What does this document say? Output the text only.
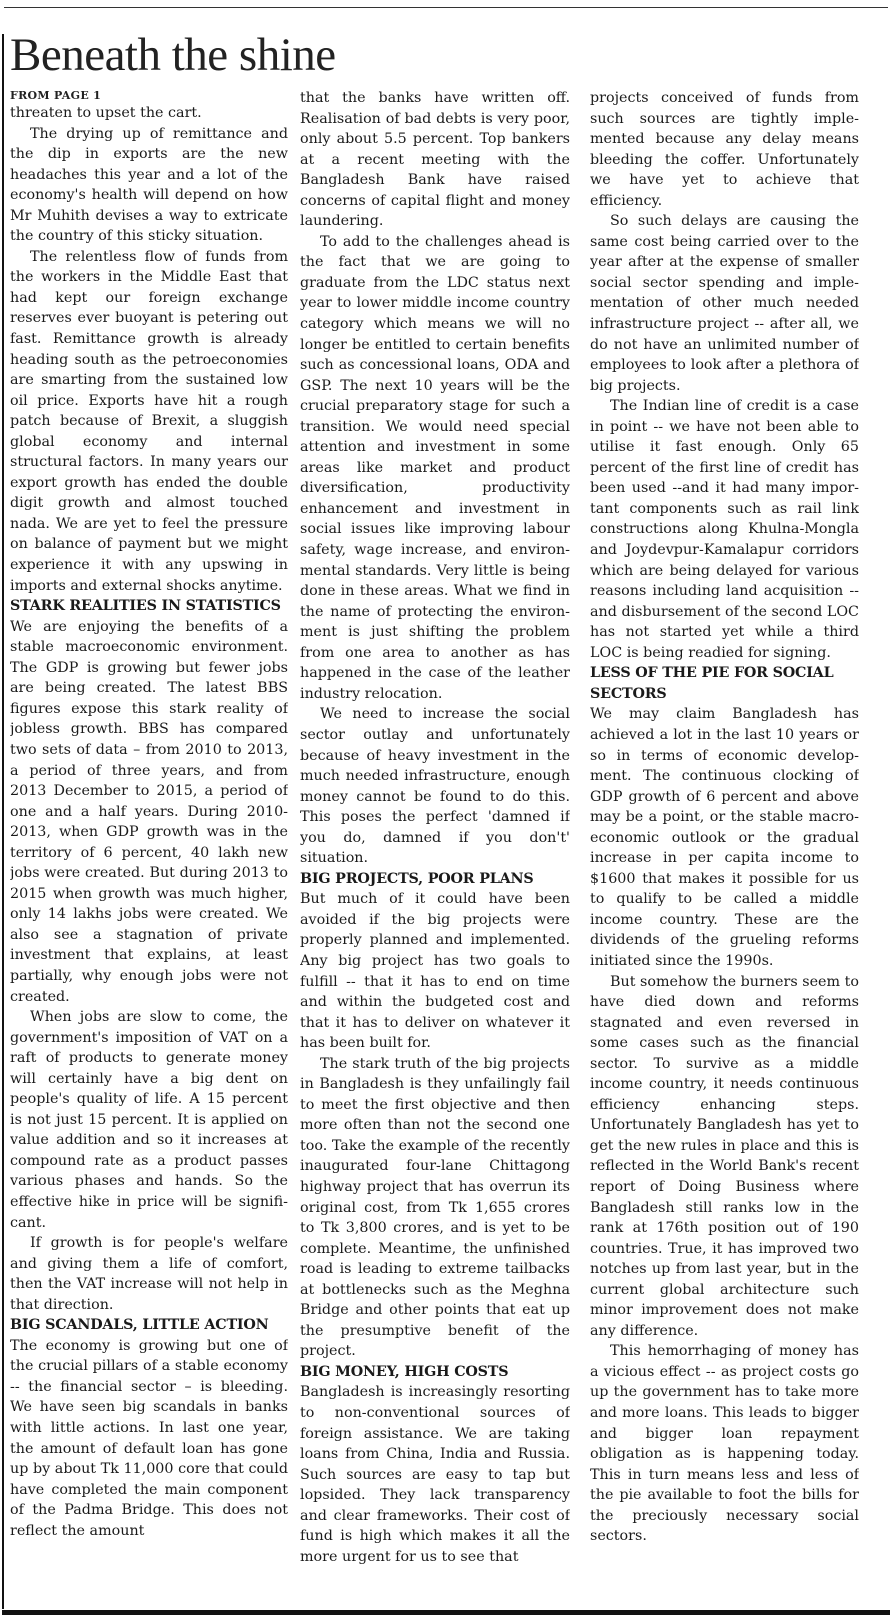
Beneath the shine

FROM PAGE 1

threaten to upset the cart.

The drying up of remittance and the dip in exports are the new headaches this year and a lot of the economy's health will depend on how Mr Muhith devises a way to extricate the country of this sticky situation.

The relentless flow of funds from the workers in the Middle East that had kept our foreign exchange reserves ever buoyant is petering out fast. Remittance growth is already heading south as the petroeconomies are smarting from the sustained low oil price. Exports have hit a rough patch because of Brexit, a sluggish global economy and internal structural factors. In many years our export growth has ended the double digit growth and almost touched nada. We are yet to feel the pressure on balance of payment but we might experience it with any upswing in imports and external shocks anytime.

STARK REALITIES IN STATISTICS

We are enjoying the benefits of a stable macroeconomic environment. The GDP is growing but fewer jobs are being created. The latest BBS figures expose this stark reality of jobless growth. BBS has compared two sets of data – from 2010 to 2013, a period of three years, and from 2013 December to 2015, a period of one and a half years. During 2010-2013, when GDP growth was in the territory of 6 percent, 40 lakh new jobs were created. But during 2013 to 2015 when growth was much higher, only 14 lakhs jobs were created. We also see a stagnation of private investment that explains, at least partially, why enough jobs were not created.

When jobs are slow to come, the government's imposition of VAT on a raft of products to generate money will certainly have a big dent on people's quality of life. A 15 percent is not just 15 percent. It is applied on value addition and so it increases at compound rate as a product passes various phases and hands. So the effective hike in price will be significant.

If growth is for people's welfare and giving them a life of comfort, then the VAT increase will not help in that direction.

BIG SCANDALS, LITTLE ACTION

The economy is growing but one of the crucial pillars of a stable economy -- the financial sector – is bleeding. We have seen big scandals in banks with little actions. In last one year, the amount of default loan has gone up by about Tk 11,000 core that could have completed the main component of the Padma Bridge. This does not reflect the amount

that the banks have written off. Realisation of bad debts is very poor, only about 5.5 percent. Top bankers at a recent meeting with the Bangladesh Bank have raised concerns of capital flight and money laundering.

To add to the challenges ahead is the fact that we are going to graduate from the LDC status next year to lower middle income country category which means we will no longer be entitled to certain benefits such as concessional loans, ODA and GSP. The next 10 years will be the crucial preparatory stage for such a transition. We would need special attention and investment in some areas like market and product diversification, productivity enhancement and investment in social issues like improving labour safety, wage increase, and environmental standards. Very little is being done in these areas. What we find in the name of protecting the environment is just shifting the problem from one area to another as has happened in the case of the leather industry relocation.

We need to increase the social sector outlay and unfortunately because of heavy investment in the much needed infrastructure, enough money cannot be found to do this. This poses the perfect 'damned if you do, damned if you don't' situation.

BIG PROJECTS, POOR PLANS

But much of it could have been avoided if the big projects were properly planned and implemented. Any big project has two goals to fulfill -- that it has to end on time and within the budgeted cost and that it has to deliver on whatever it has been built for.

The stark truth of the big projects in Bangladesh is they unfailingly fail to meet the first objective and then more often than not the second one too. Take the example of the recently inaugurated four-lane Chittagong highway project that has overrun its original cost, from Tk 1,655 crores to Tk 3,800 crores, and is yet to be complete. Meantime, the unfinished road is leading to extreme tailbacks at bottlenecks such as the Meghna Bridge and other points that eat up the presumptive benefit of the project.

BIG MONEY, HIGH COSTS

Bangladesh is increasingly resorting to non-conventional sources of foreign assistance. We are taking loans from China, India and Russia. Such sources are easy to tap but lopsided. They lack transparency and clear frameworks. Their cost of fund is high which makes it all the more urgent for us to see that

projects conceived of funds from such sources are tightly implemented because any delay means bleeding the coffer. Unfortunately we have yet to achieve that efficiency.

So such delays are causing the same cost being carried over to the year after at the expense of smaller social sector spending and implementation of other much needed infrastructure project -- after all, we do not have an unlimited number of employees to look after a plethora of big projects.

The Indian line of credit is a case in point -- we have not been able to utilise it fast enough. Only 65 percent of the first line of credit has been used --and it had many important components such as rail link constructions along Khulna-Mongla and Joydevpur-Kamalapur corridors which are being delayed for various reasons including land acquisition -- and disbursement of the second LOC has not started yet while a third LOC is being readied for signing.

LESS OF THE PIE FOR SOCIAL SECTORS

We may claim Bangladesh has achieved a lot in the last 10 years or so in terms of economic development. The continuous clocking of GDP growth of 6 percent and above may be a point, or the stable macroeconomic outlook or the gradual increase in per capita income to $1600 that makes it possible for us to qualify to be called a middle income country. These are the dividends of the grueling reforms initiated since the 1990s.

But somehow the burners seem to have died down and reforms stagnated and even reversed in some cases such as the financial sector. To survive as a middle income country, it needs continuous efficiency enhancing steps. Unfortunately Bangladesh has yet to get the new rules in place and this is reflected in the World Bank's recent report of Doing Business where Bangladesh still ranks low in the rank at 176th position out of 190 countries. True, it has improved two notches up from last year, but in the current global architecture such minor improvement does not make any difference.

This hemorrhaging of money has a vicious effect -- as project costs go up the government has to take more and more loans. This leads to bigger and bigger loan repayment obligation as is happening today. This in turn means less and less of the pie available to foot the bills for the preciously necessary social sectors.
